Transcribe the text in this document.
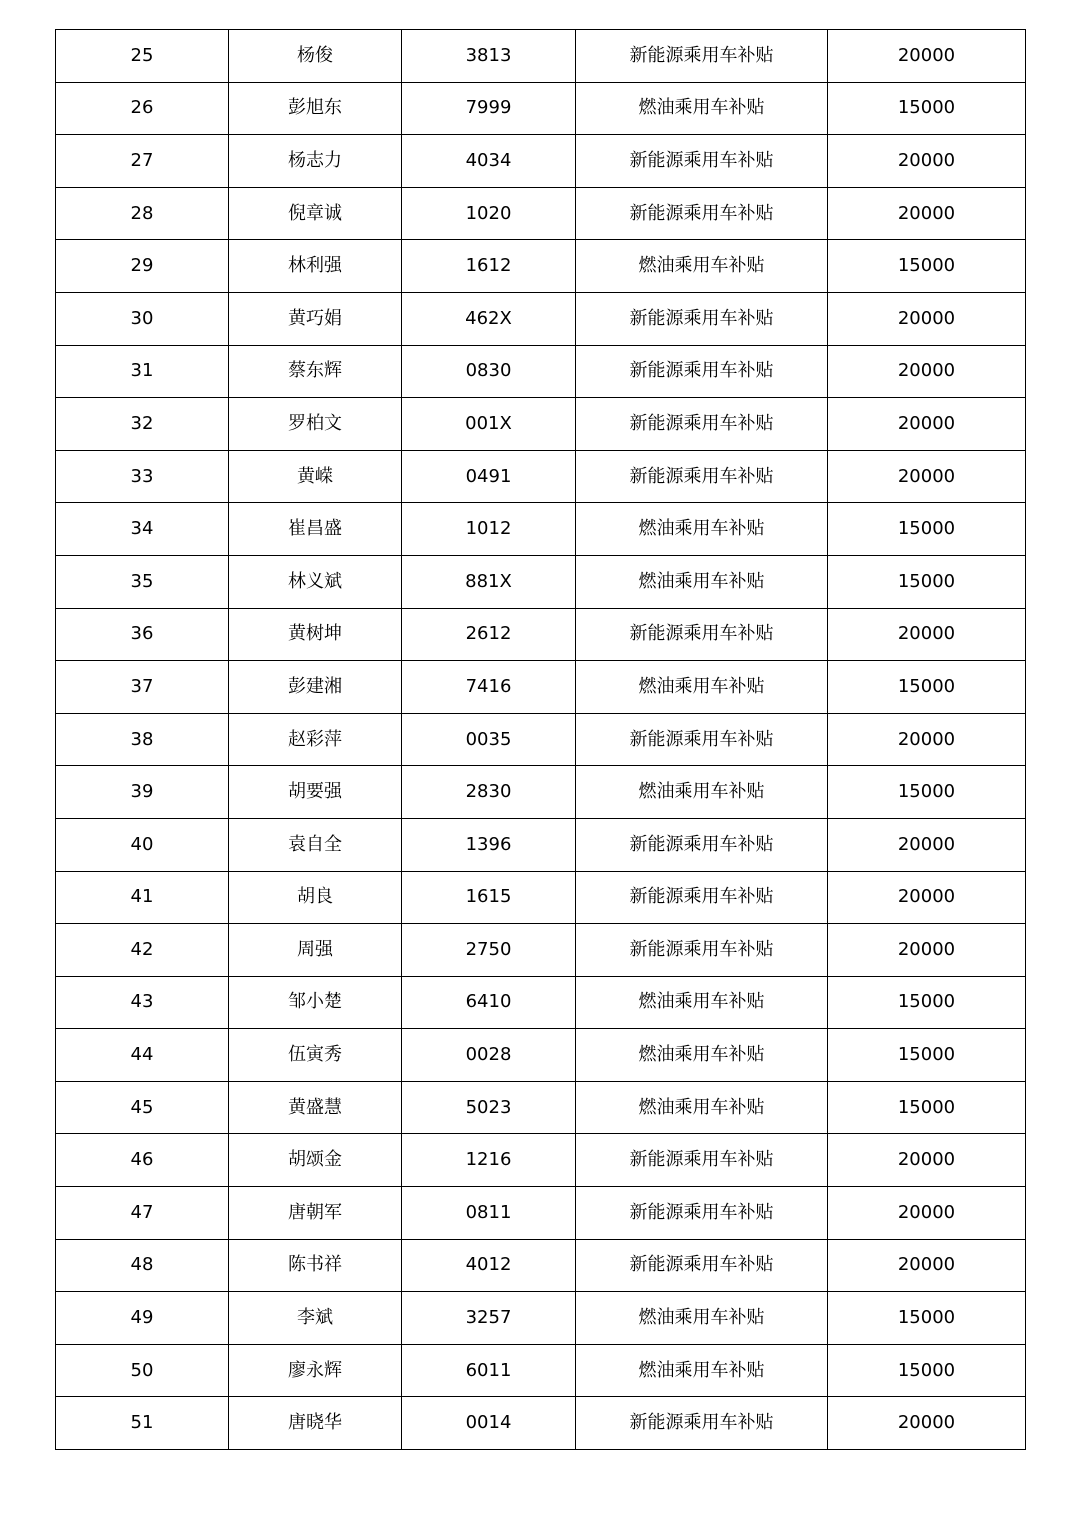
25	杨俊	3813	新能源乘用车补贴	20000
26	彭旭东	7999	燃油乘用车补贴	15000
27	杨志力	4034	新能源乘用车补贴	20000
28	倪章诚	1020	新能源乘用车补贴	20000
29	林利强	1612	燃油乘用车补贴	15000
30	黄巧娟	462X	新能源乘用车补贴	20000
31	蔡东辉	0830	新能源乘用车补贴	20000
32	罗柏文	001X	新能源乘用车补贴	20000
33	黄嵘	0491	新能源乘用车补贴	20000
34	崔昌盛	1012	燃油乘用车补贴	15000
35	林义斌	881X	燃油乘用车补贴	15000
36	黄树坤	2612	新能源乘用车补贴	20000
37	彭建湘	7416	燃油乘用车补贴	15000
38	赵彩萍	0035	新能源乘用车补贴	20000
39	胡要强	2830	燃油乘用车补贴	15000
40	袁自全	1396	新能源乘用车补贴	20000
41	胡良	1615	新能源乘用车补贴	20000
42	周强	2750	新能源乘用车补贴	20000
43	邹小楚	6410	燃油乘用车补贴	15000
44	伍寅秀	0028	燃油乘用车补贴	15000
45	黄盛慧	5023	燃油乘用车补贴	15000
46	胡颂金	1216	新能源乘用车补贴	20000
47	唐朝军	0811	新能源乘用车补贴	20000
48	陈书祥	4012	新能源乘用车补贴	20000
49	李斌	3257	燃油乘用车补贴	15000
50	廖永辉	6011	燃油乘用车补贴	15000
51	唐晓华	0014	新能源乘用车补贴	20000
